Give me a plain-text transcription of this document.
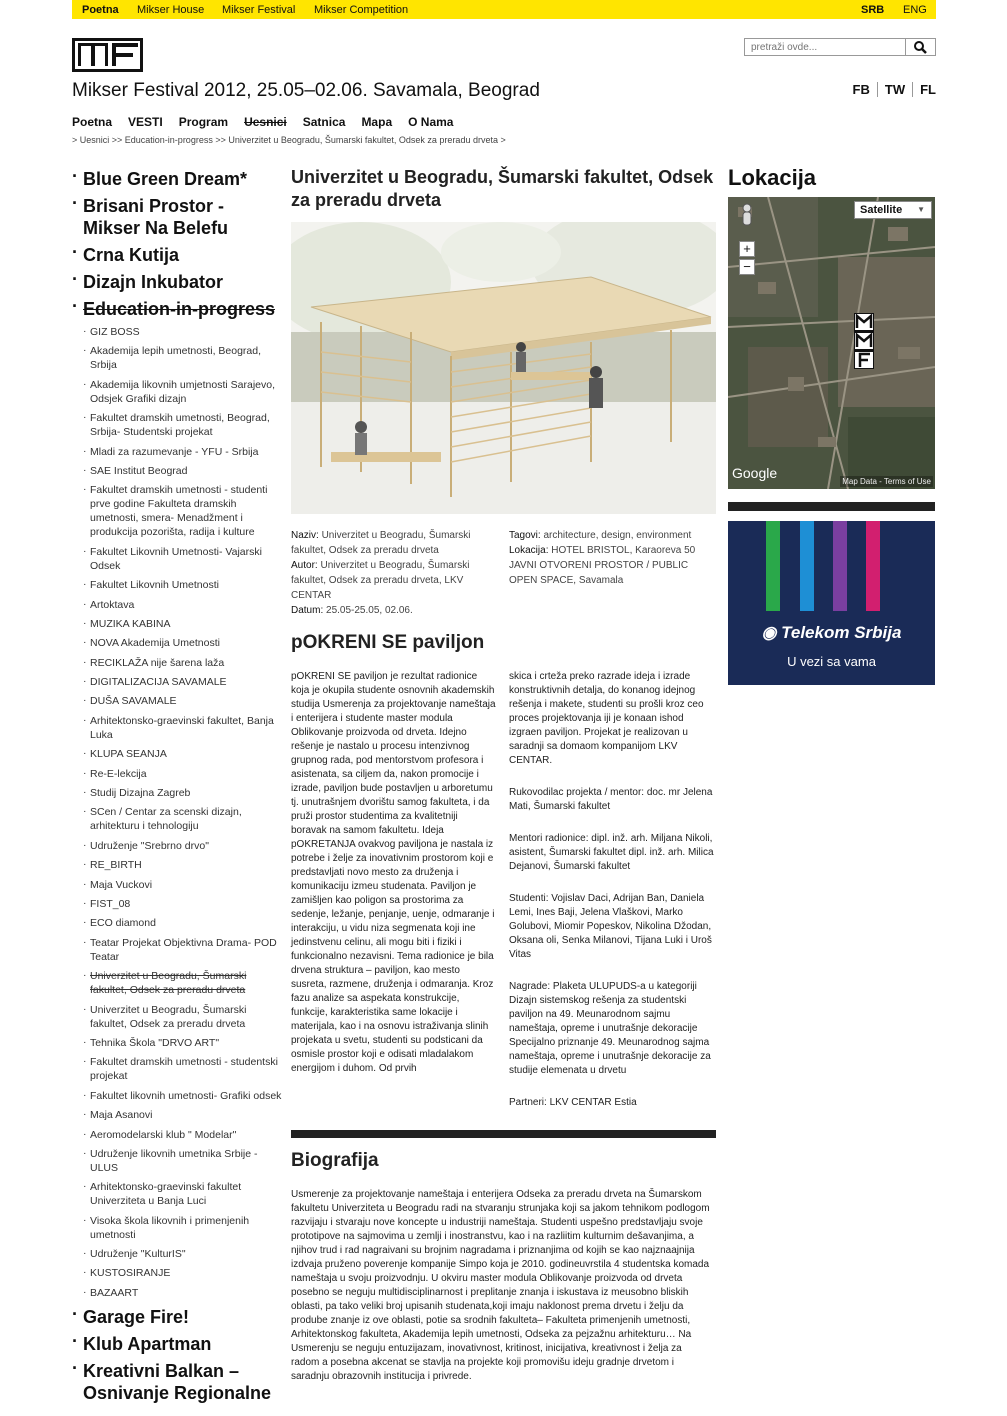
Poetna Mikser House Mikser Festival Mikser Competition	SRB ENG
pretraži ovde...
Mikser Festival 2012, 25.05–02.06. Savamala, Beograd	FB	TW	FL
Poetna VESTI Program Uesnici Satnica Mapa O Nama
> Uesnici >> Education-in-progress >> Univerzitet u Beogradu, Šumarski fakultet, Odsek za preradu drveta >
· Blue Green Dream*
· Brisani Prostor - Mikser Na Belefu
· Crna Kutija
· Dizajn Inkubator
· Education-in-progress
· GIZ BOSS
· Akademija lepih umetnosti, Beograd, Srbija
· Akademija likovnih umjetnosti Sarajevo, Odsjek Grafiki dizajn
· Fakultet dramskih umetnosti, Beograd, Srbija- Studentski projekat
· Mladi za razumevanje - YFU - Srbija
· SAE Institut Beograd
· Fakultet dramskih umetnosti - studenti prve godine Fakulteta dramskih umetnosti, smera- Menadžment i produkcija pozorišta, radija i kulture
· Fakultet Likovnih Umetnosti- Vajarski Odsek
· Fakultet Likovnih Umetnosti
· Artoktava
· MUZIKA KABINA
· NOVA Akademija Umetnosti
· RECIKLAŽA nije šarena laža
· DIGITALIZACIJA SAVAMALE
· DUŠA SAVAMALE
· Arhitektonsko-graevinski fakultet, Banja Luka
· KLUPA SEANJA
· Re-E-lekcija
· Studij Dizajna Zagreb
· SCen / Centar za scenski dizajn, arhitekturu i tehnologiju
· Udruženje "Srebrno drvo"
· RE_BIRTH
· Maja Vuckovi
· FIST_08
· ECO diamond
· Teatar Projekat Objektivna Drama- POD Teatar
· Univerzitet u Beogradu, Šumarski fakultet, Odsek za preradu drveta
· Univerzitet u Beogradu, Šumarski fakultet, Odsek za preradu drveta
· Tehnika Škola "DRVO ART"
· Fakultet dramskih umetnosti - studentski projekat
· Fakultet likovnih umetnosti- Grafiki odsek
· Maja Asanovi
· Aeromodelarski klub " Modelar"
· Udruženje likovnih umetnika Srbije - ULUS
· Arhitektonsko-graevinski fakultet Univerziteta u Banja Luci
· Visoka škola likovnih i primenjenih umetnosti
· Udruženje "KulturIS"
· KUSTOSIRANJE
· BAZAART
· Garage Fire!
· Klub Apartman
· Kreativni Balkan – Osnivanje Regionalne
Univerzitet u Beogradu, Šumarski fakultet, Odsek za preradu drveta
Naziv: Univerzitet u Beogradu, Šumarski fakultet, Odsek za preradu drveta
Autor: Univerzitet u Beogradu, Šumarski fakultet, Odsek za preradu drveta, LKV CENTAR
Datum: 25.05-25.05, 02.06.
Tagovi: architecture, design, environment
Lokacija: HOTEL BRISTOL, Karaoreva 50 JAVNI OTVORENI PROSTOR / PUBLIC OPEN SPACE, Savamala
pOKRENI SE paviljon

pOKRENI SE paviljon je rezultat radionice koja je okupila studente osnovnih akademskih studija Usmerenja za projektovanje nameštaja i enterijera i studente master modula Oblikovanje proizvoda od drveta. Idejno rešenje je nastalo u procesu intenzivnog grupnog rada, pod mentorstvom profesora i asistenata, sa ciljem da, nakon promocije i izrade, paviljon bude postavljen u arboretumu tj. unutrašnjem dvorištu samog fakulteta, i da pruži prostor studentima za kvalitetniji boravak na samom fakultetu. Ideja pOKRETANJA ovakvog paviljona je nastala iz potrebe i želje za inovativnim prostorom koji e predstavljati novo mesto za druženja i komunikaciju izmeu studenata. Paviljon je zamišljen kao poligon sa prostorima za sedenje, ležanje, penjanje, uenje, odmaranje i interakciju, u vidu niza segmenata koji ine jedinstvenu celinu, ali mogu biti i fiziki i funkcionalno nezavisni. Tema radionice je bila drvena struktura – paviljon, kao mesto susreta, razmene, druženja i odmaranja. Kroz fazu analize sa aspekata konstrukcije, funkcije, karakteristika same lokacije i materijala, kao i na osnovu istraživanja slinih projekata u svetu, studenti su podsticani da osmisle prostor koji e odisati mladalakom energijom i duhom. Od prvih

skica i crteža preko razrade ideja i izrade konstruktivnih detalja, do konanog idejnog rešenja i makete, studenti su prošli kroz ceo proces projektovanja iji je konaan ishod izgraen paviljon. Projekat je realizovan u saradnji sa domaom kompanijom LKV CENTAR.

Rukovodilac projekta / mentor: doc. mr Jelena Mati, Šumarski fakultet

Mentori radionice: dipl. inž. arh. Miljana Nikoli, asistent, Šumarski fakultet dipl. inž. arh. Milica Dejanovi, Šumarski fakultet

Studenti: Vojislav Daci, Adrijan Ban, Daniela Lemi, Ines Baji, Jelena Vlaškovi, Marko Golubovi, Miomir Popeskov, Nikolina Džodan, Oksana oli, Senka Milanovi, Tijana Luki i Uroš Vitas

Nagrade: Plaketa ULUPUDS-a u kategoriji Dizajn sistemskog rešenja za studentski paviljon na 49. Meunarodnom sajmu nameštaja, opreme i unutrašnje dekoracije Specijalno priznanje 49. Meunarodnog sajma nameštaja, opreme i unutrašnje dekoracije za studije elemenata u drvetu

Partneri: LKV CENTAR Estia

Biografija

Usmerenje za projektovanje nameštaja i enterijera Odseka za preradu drveta na Šumarskom fakultetu Univerziteta u Beogradu radi na stvaranju strunjaka koji sa jakom tehnikom podlogom razvijaju i stvaraju nove koncepte u industriji nameštaja. Studenti uspešno predstavljaju svoje prototipove na sajmovima u zemlji i inostranstvu, kao i na razliitim kulturnim dešavanjima, a njihov trud i rad nagraivani su brojnim nagradama i priznanjima od kojih se kao najznaajnija izdvaja pruženo poverenje kompanije Simpo koja je 2010. godineuvrstila 4 studentska komada nameštaja u svoju proizvodnju. U okviru master modula Oblikovanje proizvoda od drveta posebno se neguju multidisciplinarnost i preplitanje znanja i iskustava iz meusobno bliskih oblasti, pa tako veliki broj upisanih studenata,koji imaju naklonost prema drvetu i želju da prodube znanje iz ove oblasti, potie sa srodnih fakulteta– Fakulteta primenjenih umetnosti, Arhitektonskog fakulteta, Akademija lepih umetnosti, Odseka za pejzažnu arhitekturu… Na Usmerenju se neguju entuzijazam, inovativnost, kritinost, inicijativa, kreativnost i želja za radom a posebna akcenat se stavlja na projekte koji promovišu ideju gradnje drvetom i saradnju obrazovnih institucija i privrede.

Lokacija
+
−
Satellite ▼
Google
Map Data - Terms of Use
◉ Telekom Srbija
U vezi sa vama
